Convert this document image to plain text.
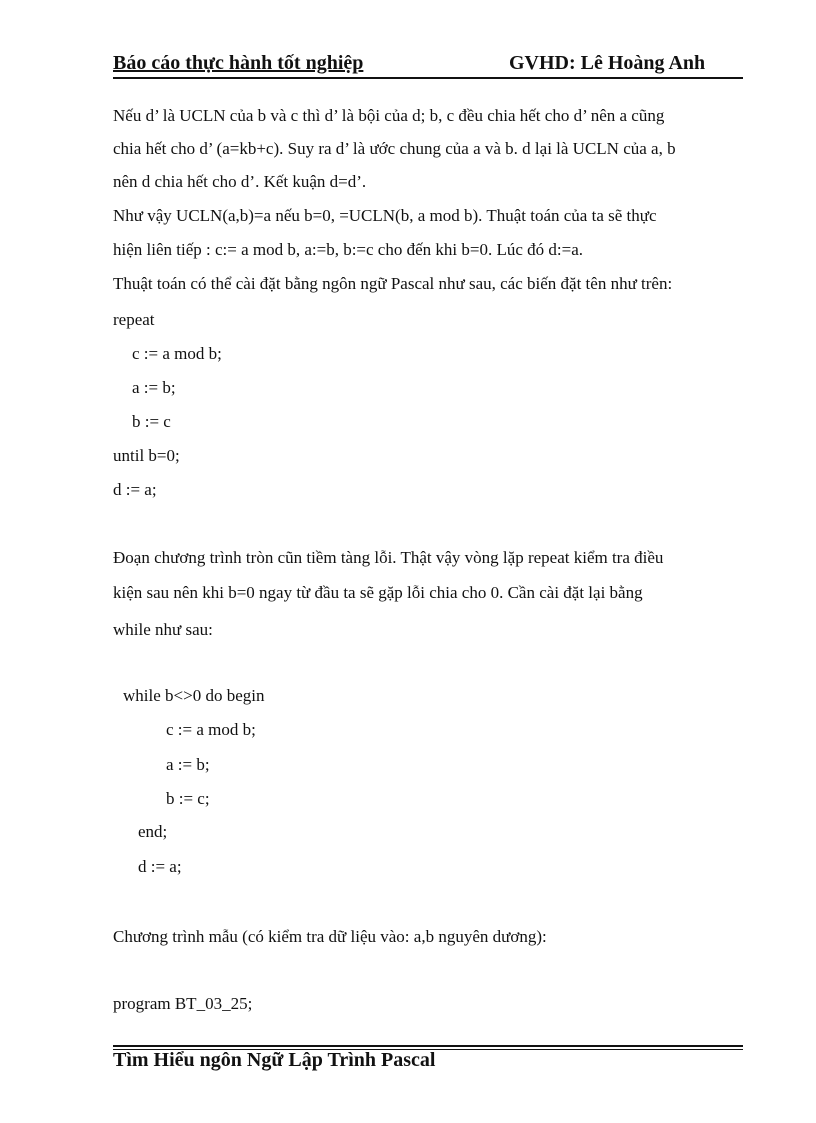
Báo cáo thực hành tốt nghiệp	GVHD: Lê Hoàng Anh
Nếu d’ là UCLN của b và c thì d’ là bội của d; b, c đều chia hết cho d’ nên a cũng
chia hết cho d’ (a=kb+c). Suy ra d’ là ước chung của a và b. d lại là UCLN của a, b
nên d chia hết cho d’. Kết kuận d=d’.
Như vậy UCLN(a,b)=a nếu b=0, =UCLN(b, a mod b). Thuật toán của ta sẽ thực
hiện liên tiếp : c:= a mod b, a:=b, b:=c cho đến khi b=0. Lúc đó d:=a.
Thuật toán có thể cài đặt bằng ngôn ngữ Pascal như sau, các biến đặt tên như trên:
repeat
c := a mod b;
a := b;
b := c
until b=0;
d := a;
Đoạn chương trình tròn cũn tiềm tàng lỗi. Thật vậy vòng lặp repeat kiểm tra điều
kiện sau nên khi b=0 ngay từ đầu ta sẽ gặp lỗi chia cho 0. Cần cài đặt lại bằng
while như sau:
while b<>0 do begin
c := a mod b;
a := b;
b := c;
end;
d := a;
Chương trình mẫu (có kiểm tra dữ liệu vào: a,b nguyên dương):
program BT_03_25;
Tìm Hiểu ngôn Ngữ Lập Trình Pascal
